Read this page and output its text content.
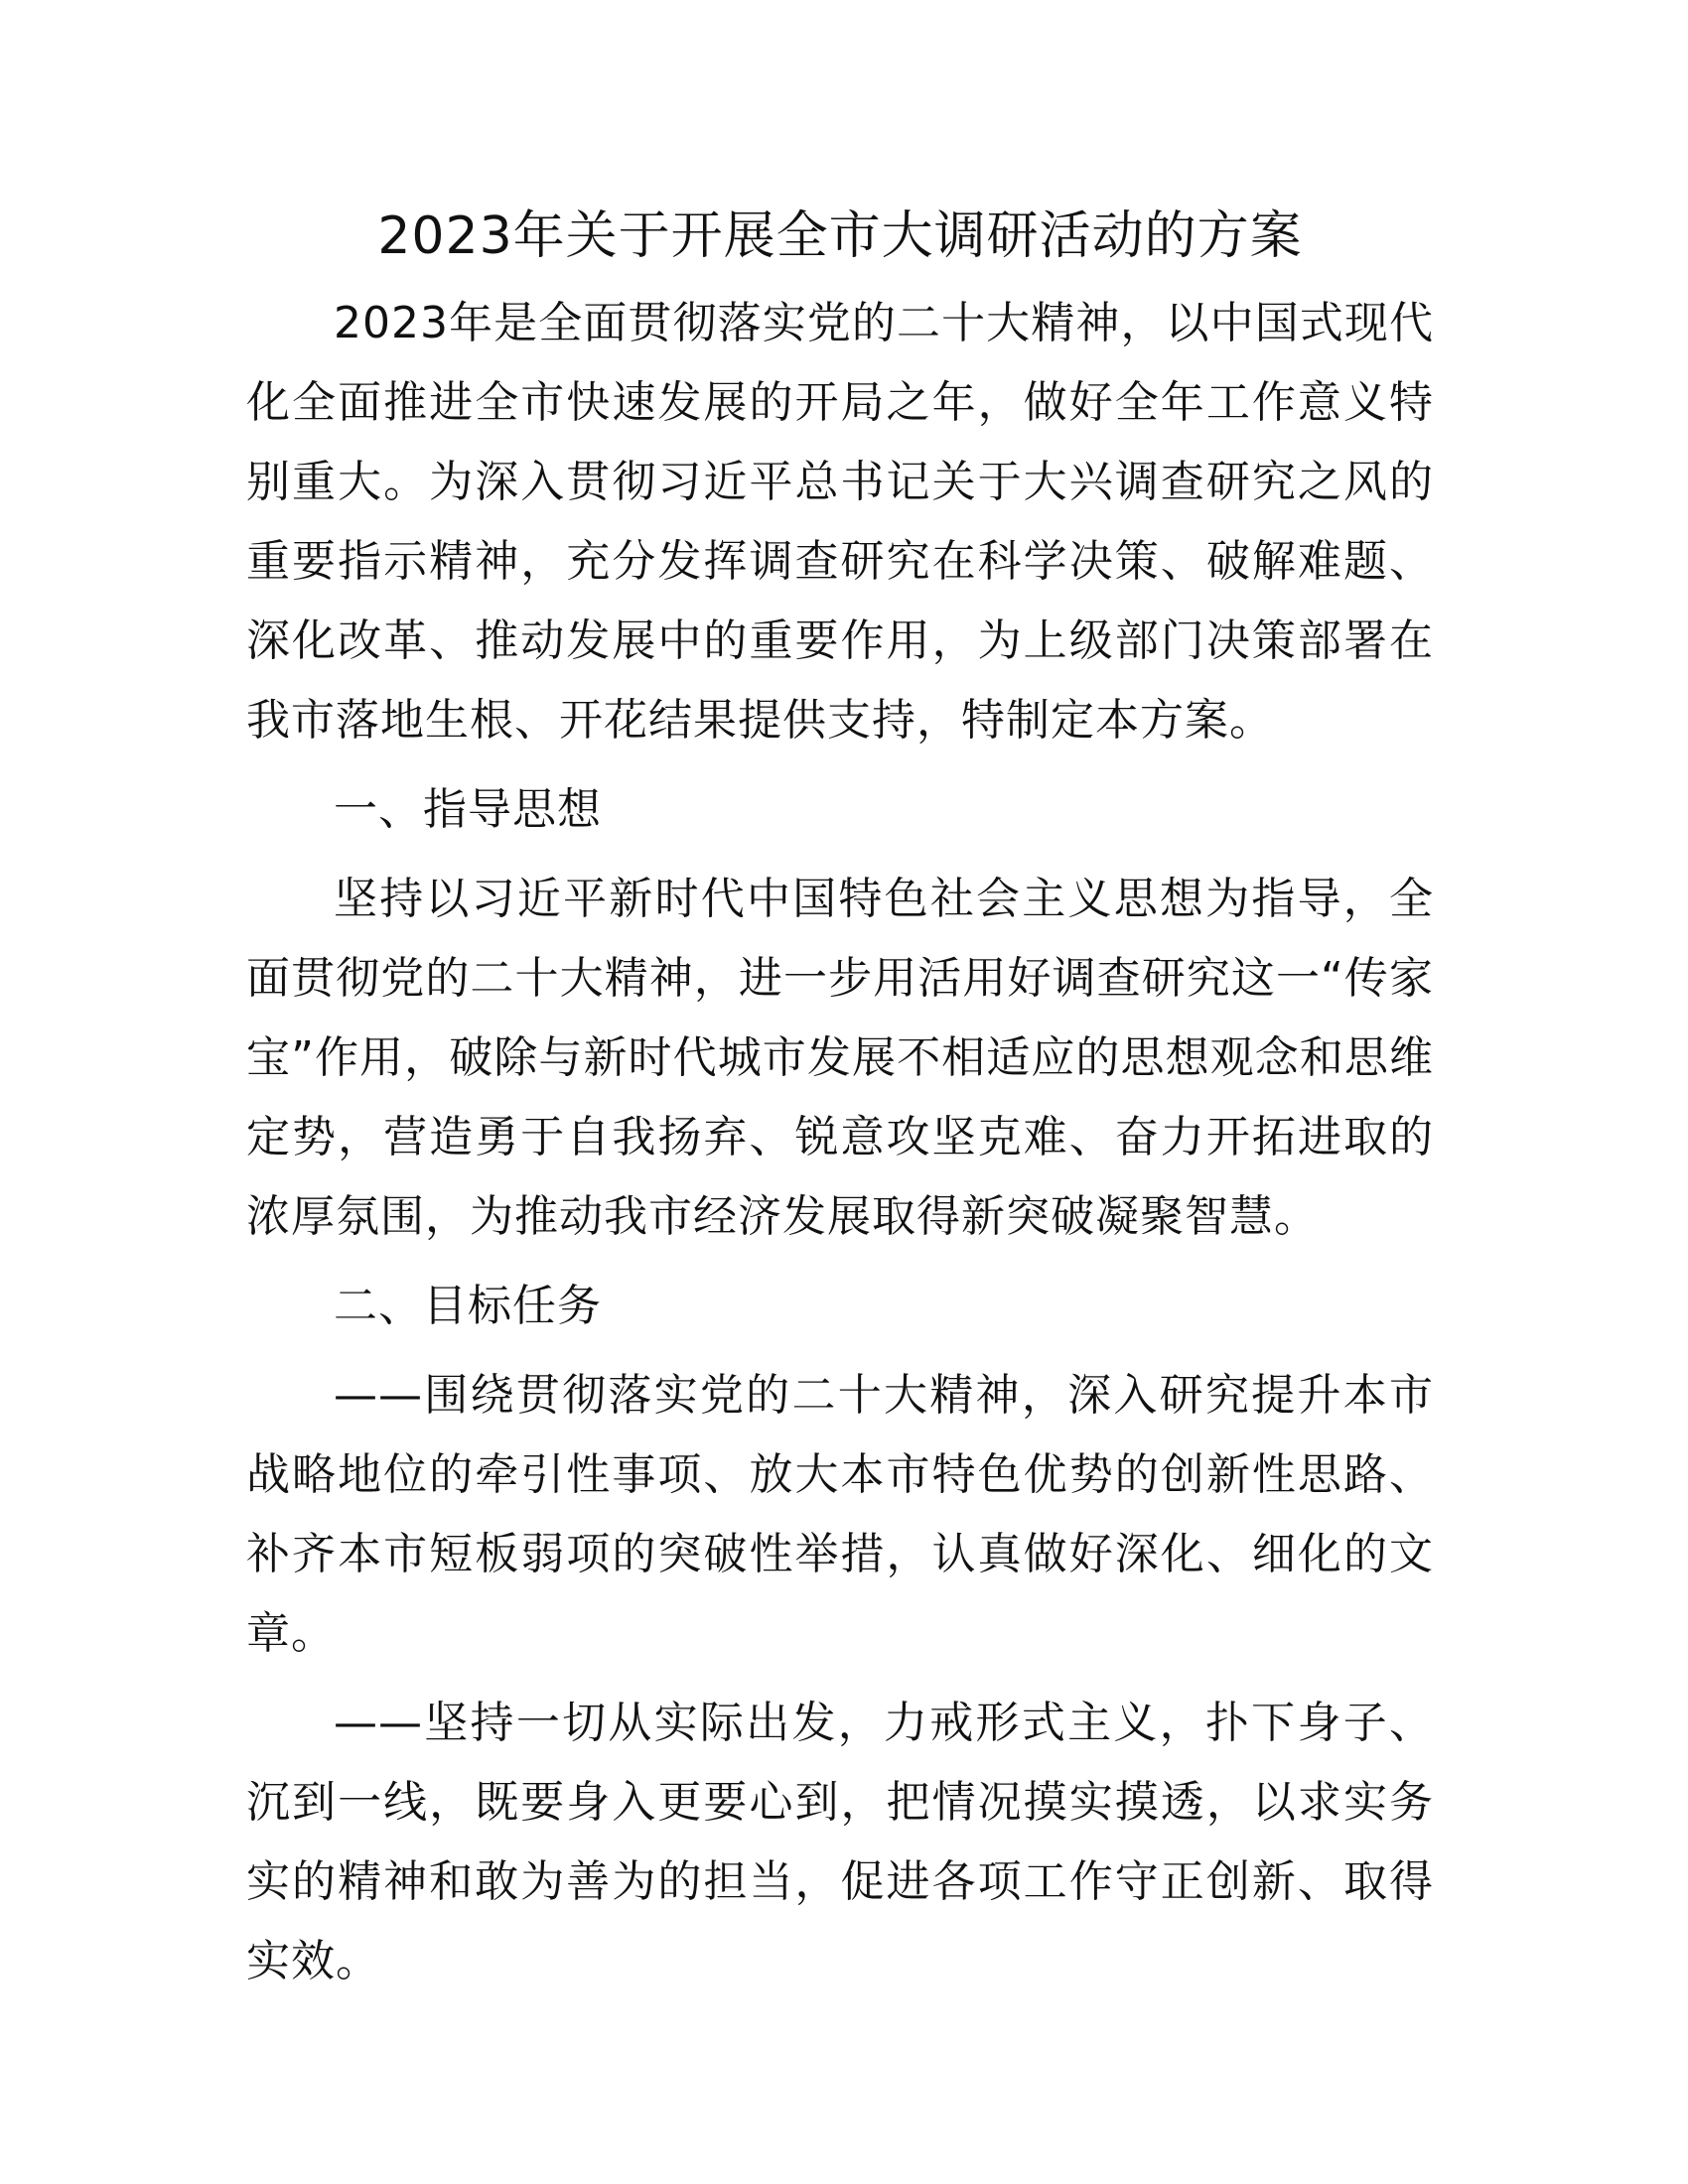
2023年关于开展全市大调研活动的方案

2023年是全面贯彻落实党的二十大精神，以中国式现代化全面推进全市快速发展的开局之年，做好全年工作意义特别重大。为深入贯彻习近平总书记关于大兴调查研究之风的重要指示精神，充分发挥调查研究在科学决策、破解难题、深化改革、推动发展中的重要作用，为上级部门决策部署在我市落地生根、开花结果提供支持，特制定本方案。

一、指导思想

坚持以习近平新时代中国特色社会主义思想为指导，全面贯彻党的二十大精神，进一步用活用好调查研究这一“传家宝”作用，破除与新时代城市发展不相适应的思想观念和思维定势，营造勇于自我扬弃、锐意攻坚克难、奋力开拓进取的浓厚氛围，为推动我市经济发展取得新突破凝聚智慧。

二、目标任务

——围绕贯彻落实党的二十大精神，深入研究提升本市战略地位的牵引性事项、放大本市特色优势的创新性思路、补齐本市短板弱项的突破性举措，认真做好深化、细化的文章。

——坚持一切从实际出发，力戒形式主义，扑下身子、沉到一线，既要身入更要心到，把情况摸实摸透，以求实务实的精神和敢为善为的担当，促进各项工作守正创新、取得实效。
